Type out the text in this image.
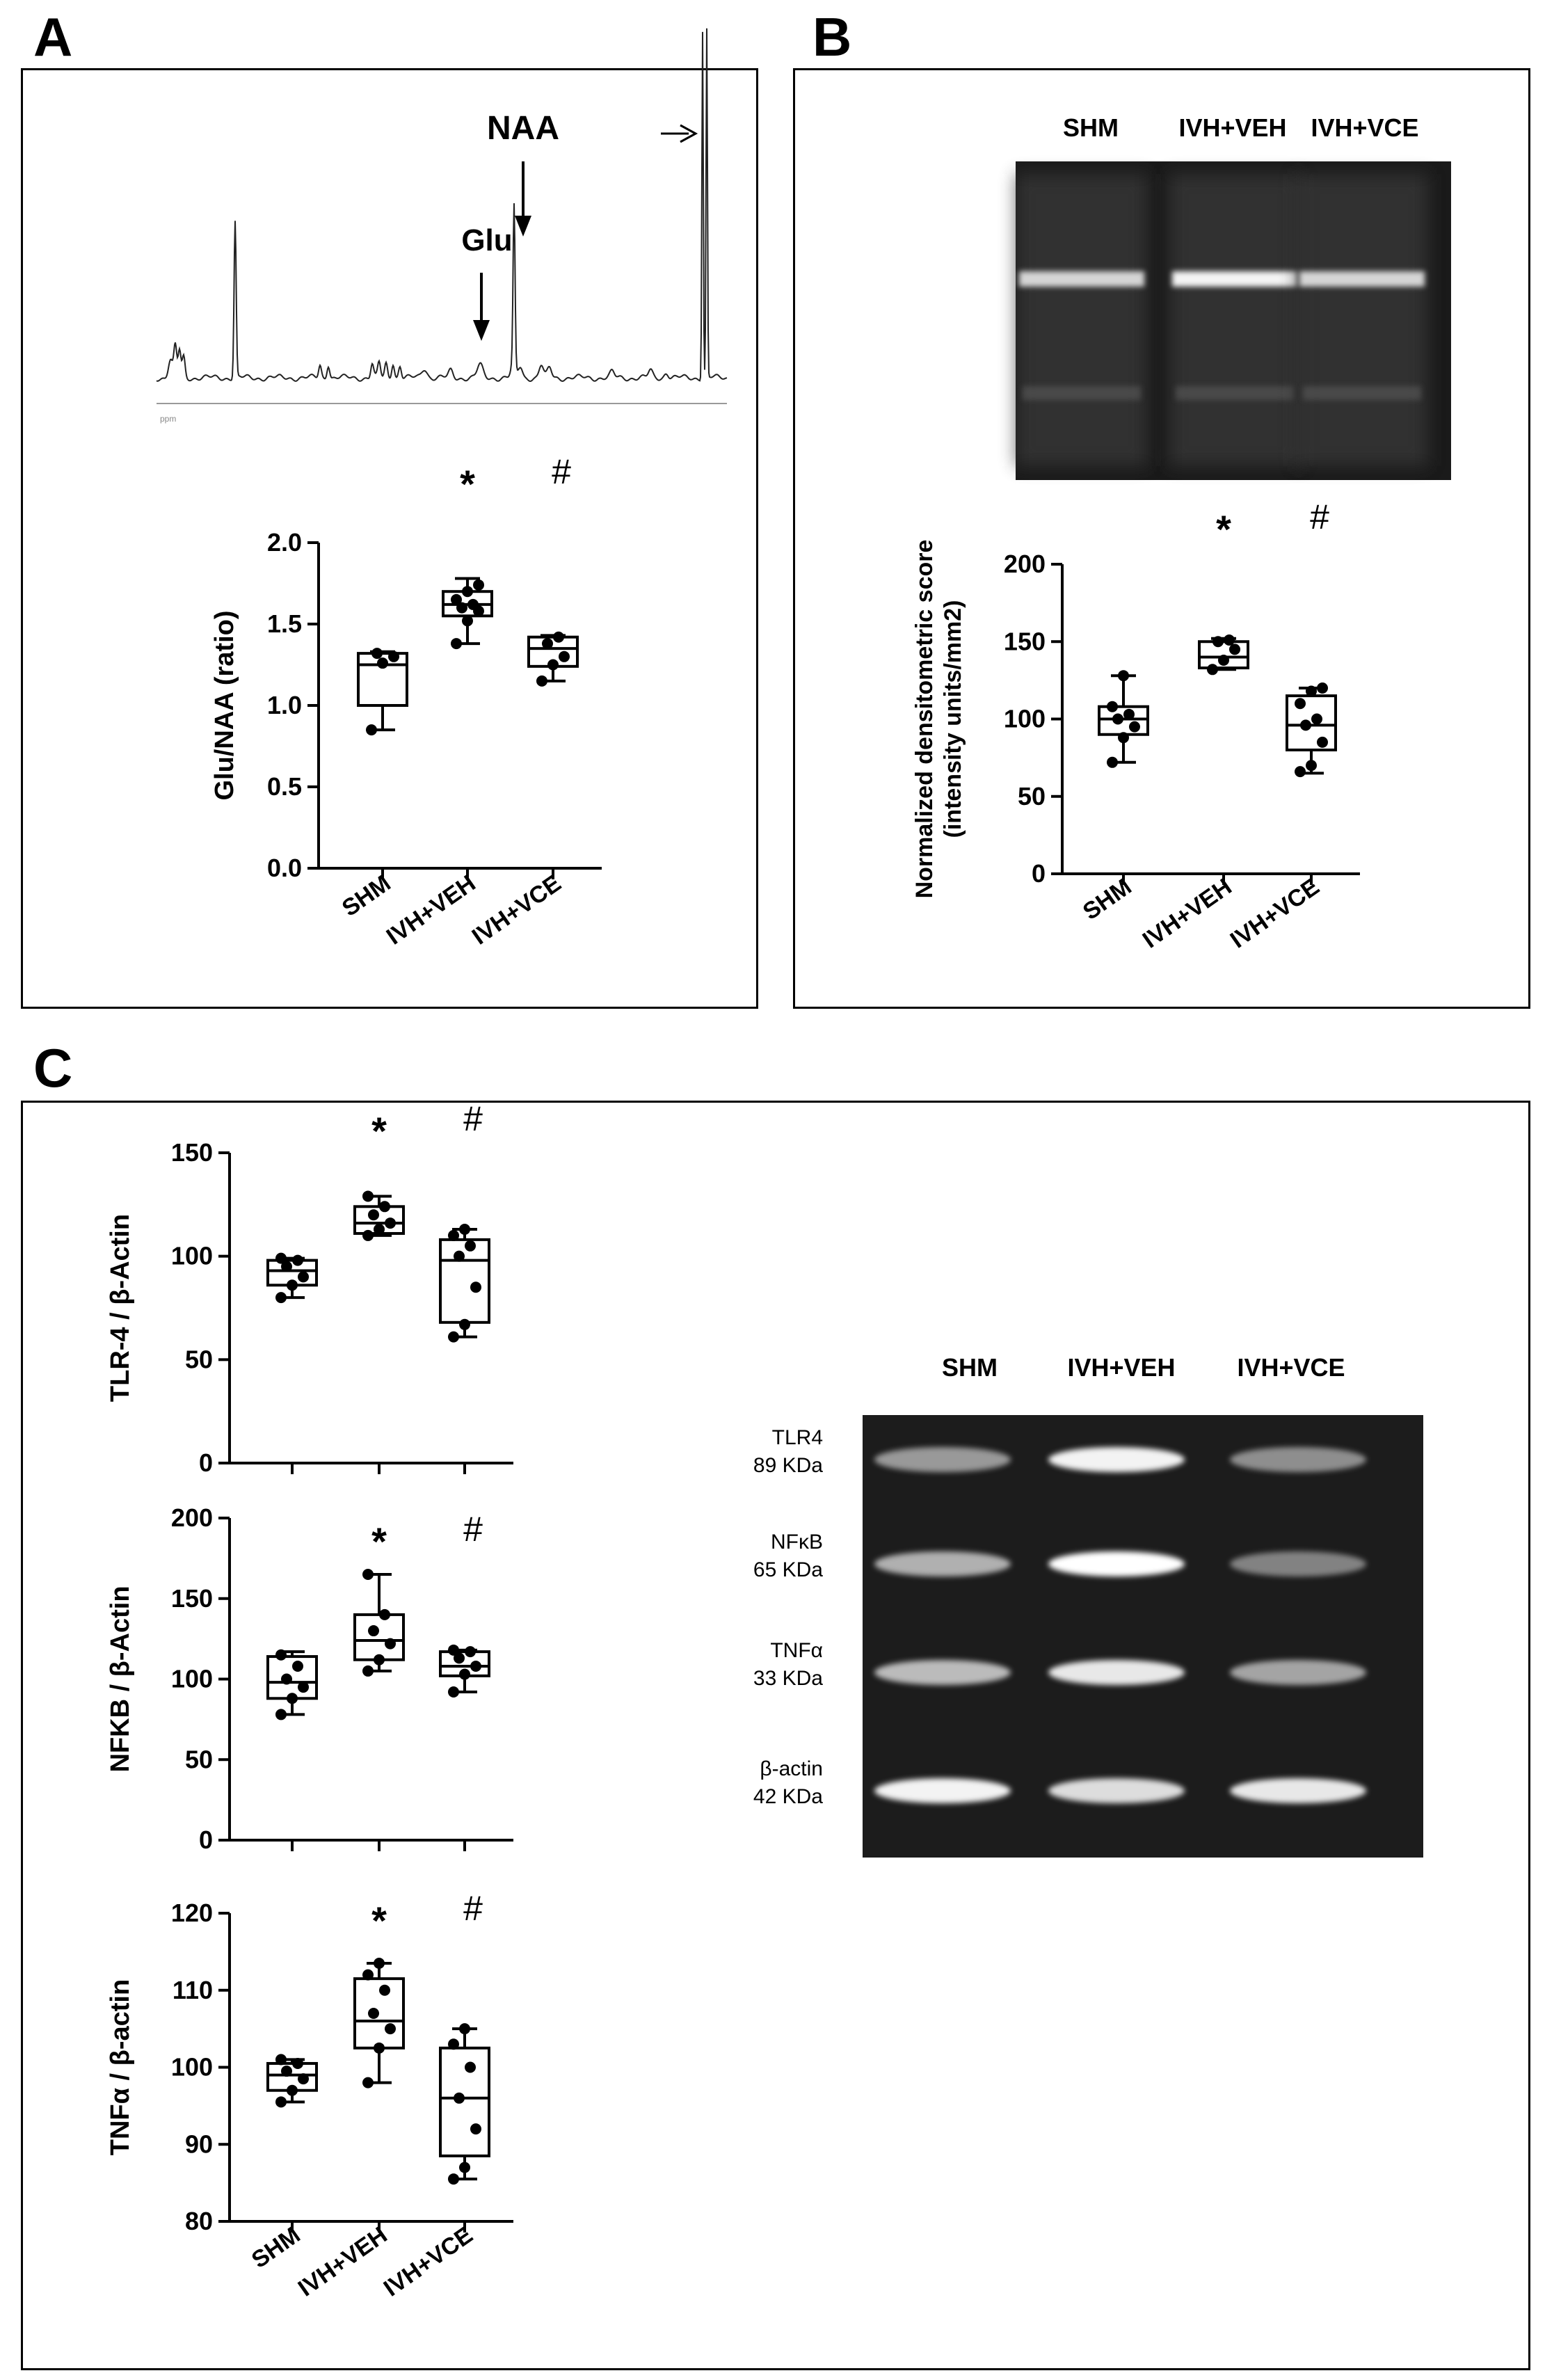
A	B
C
NAA
Glu
ppm
SHM IVH+VEH IVH+VCE
SHM	IVH+VEH IVH+VCE
TLR4
89 KDa
NFκB
65 KDa
TNFα
33 KDa
β-actin
42 KDa
0.0
0.5
1.0
1.5
2.0
Glu/NAA (ratio)
SHM
*
IVH+VEH
#
IVH+VCE	0
50
100
150
200
Normalized densitometric score(intensity units/mm2)
SHM
*
IVH+VEH
#
IVH+VCE
0
50
100
150
TLR-4 / β-Actin
* #
0
50
100
150
200
NFKB / β-Actin
* #
80
90
100
110
120
TNFα / β-actin
SHM
*
IVH+VEH
#
IVH+VCE
